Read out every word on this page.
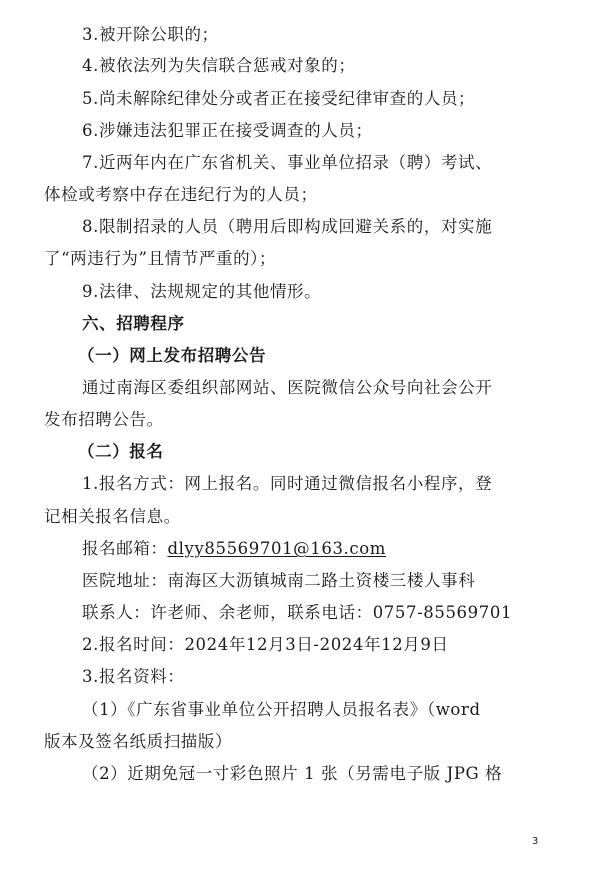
3.被开除公职的；
4.被依法列为失信联合惩戒对象的；
5.尚未解除纪律处分或者正在接受纪律审查的人员；
6.涉嫌违法犯罪正在接受调查的人员；
7.近两年内在广东省机关、事业单位招录（聘）考试、
体检或考察中存在违纪行为的人员；
8.限制招录的人员（聘用后即构成回避关系的，对实施
了“两违行为”且情节严重的）；
9.法律、法规规定的其他情形。
六、招聘程序
（一）网上发布招聘公告
通过南海区委组织部网站、医院微信公众号向社会公开
发布招聘公告。
（二）报名
1.报名方式：网上报名。同时通过微信报名小程序，登
记相关报名信息。
报名邮箱：dlyy85569701@163.com
医院地址：南海区大沥镇城南二路土资楼三楼人事科
联系人：许老师、余老师，联系电话：0757-85569701
2.报名时间：2024年12月3日-2024年12月9日
3.报名资料：
（1）《广东省事业单位公开招聘人员报名表》（word
版本及签名纸质扫描版）
（2）近期免冠一寸彩色照片 1 张（另需电子版 JPG 格
3
